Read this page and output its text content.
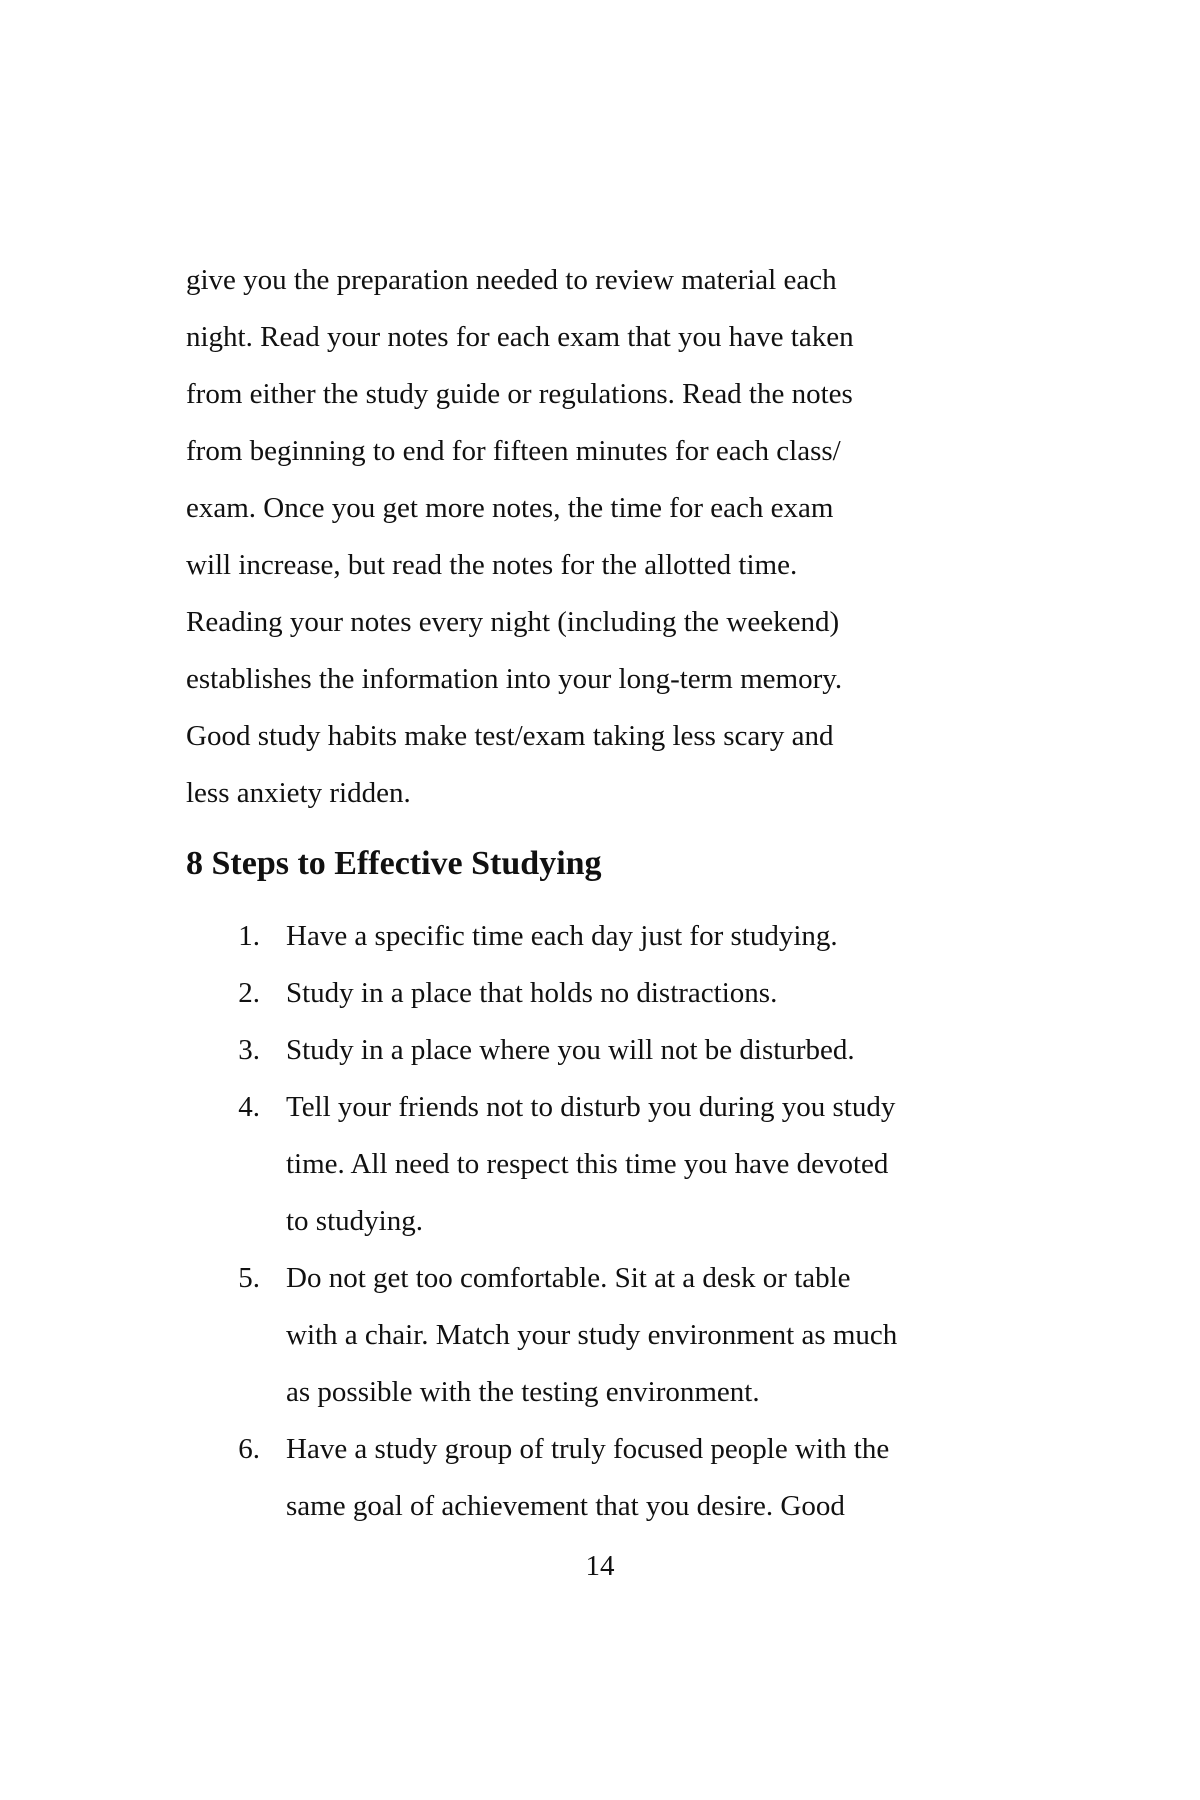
give you the preparation needed to review material each

night. Read your notes for each exam that you have taken

from either the study guide or regulations. Read the notes

from beginning to end for fifteen minutes for each class/

exam. Once you get more notes, the time for each exam

will increase, but read the notes for the allotted time.

Reading your notes every night (including the weekend)

establishes the information into your long-term memory.

Good study habits make test/exam taking less scary and

less anxiety ridden.

8 Steps to Effective Studying
1. Have a specific time each day just for studying.
2. Study in a place that holds no distractions.
3. Study in a place where you will not be disturbed.
4. Tell your friends not to disturb you during you study
time. All need to respect this time you have devoted
to studying.
5. Do not get too comfortable. Sit at a desk or table
with a chair. Match your study environment as much
as possible with the testing environment.
6. Have a study group of truly focused people with the
same goal of achievement that you desire. Good
14
